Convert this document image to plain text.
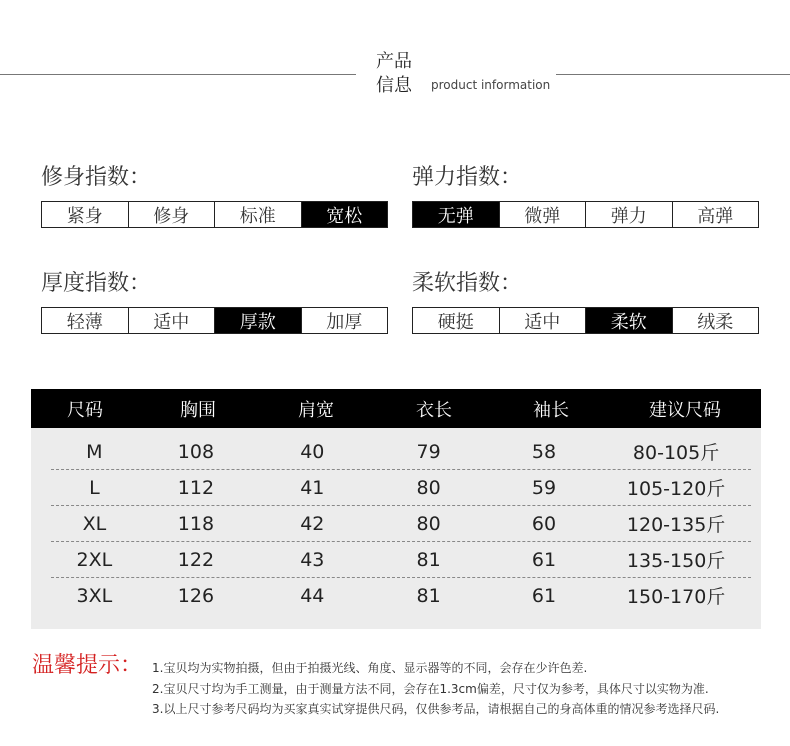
产品
信息 product information
修身指数：
紧身	修身	标准	宽松
弹力指数：
无弹	微弹	弹力	高弹
厚度指数：
轻薄	适中	厚款	加厚
柔软指数：
硬挺	适中	柔软	绒柔
尺码	胸围	肩宽	衣长	袖长	建议尺码
M	108	40	79	58	80-105斤
L	112	41	80	59	105-120斤
XL	118	42	80	60	120-135斤
2XL	122	43	81	61	135-150斤
3XL	126	44	81	61	150-170斤
温馨提示： 1.宝贝均为实物拍摄，但由于拍摄光线、角度、显示器等的不同，会存在少许色差.
2.宝贝尺寸均为手工测量，由于测量方法不同，会存在1.3cm偏差，尺寸仅为参考，具体尺寸以实物为准.
3.以上尺寸参考尺码均为买家真实试穿提供尺码，仅供参考品，请根据自己的身高体重的情况参考选择尺码.
